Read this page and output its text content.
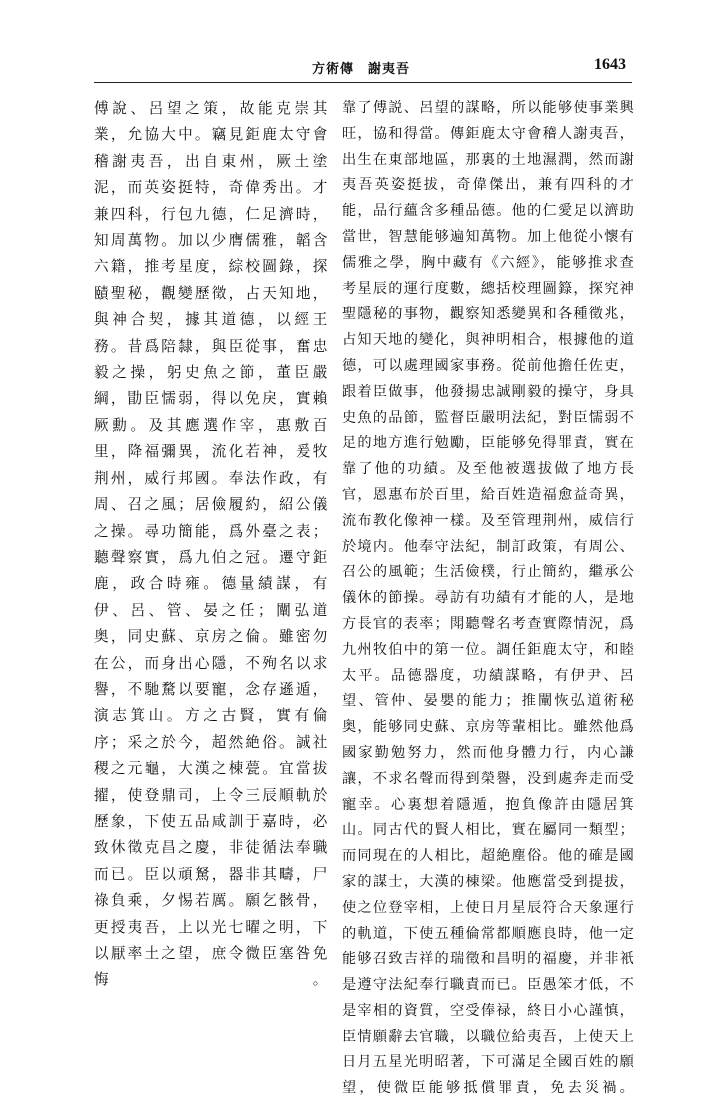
方術傳　謝夷吾	1643

傅說、呂望之策，故能克崇其
業，允協大中。竊見鉅鹿太守會
稽謝夷吾，出自東州，厥土塗
泥，而英姿挺特，奇偉秀出。才
兼四科，行包九德，仁足濟時，
知周萬物。加以少膺儒雅，韜含
六籍，推考星度，綜校圖錄，探
賾聖秘，觀變歷徵，占天知地，
與神合契，據其道德，以經王
務。昔爲陪隸，與臣從事，奮忠
毅之操，躬史魚之節，董臣嚴
綱，勖臣懦弱，得以免戾，實賴
厥勳。及其應選作宰，惠敷百
里，降福彌異，流化若神，爰牧
荆州，威行邦國。奉法作政，有
周、召之風；居儉履約，紹公儀
之操。尋功簡能，爲外臺之表；
聽聲察實，爲九伯之冠。遷守鉅
鹿，政合時雍。德量績謀，有
伊、呂、管、晏之任；闡弘道
奥，同史蘇、京房之倫。雖密勿
在公，而身出心隱，不殉名以求
譽，不馳騖以要寵，念存遜遁，
演志箕山。方之古賢，實有倫
序；采之於今，超然絶俗。誠社
稷之元龜，大漢之棟甍。宜當拔
擢，使登鼎司，上令三辰順軌於
歷象，下使五品咸訓于嘉時，必
致休徵克昌之慶，非徒循法奉職
而已。臣以頑駑，器非其疇，尸
祿負乘，夕惕若厲。願乞骸骨，
更授夷吾，上以光七曜之明，下
以厭率土之望，庶令微臣塞咎免
悔。

靠了傅説、呂望的謀略，所以能够使事業興
旺，協和得當。傳鉅鹿太守會稽人謝夷吾，
出生在東部地區，那裏的土地濕潤，然而謝
夷吾英姿挺拔，奇偉傑出，兼有四科的才
能，品行蘊含多種品德。他的仁愛足以濟助
當世，智慧能够遍知萬物。加上他從小懷有
儒雅之學，胸中藏有《六經》，能够推求查
考星辰的運行度數，總括校理圖籙，探究神
聖隱秘的事物，觀察知悉變異和各種徵兆，
占知天地的變化，與神明相合，根據他的道
德，可以處理國家事務。從前他擔任佐吏，
跟着臣做事，他發揚忠誠剛毅的操守，身具
史魚的品節，監督臣嚴明法紀，對臣懦弱不
足的地方進行勉勵，臣能够免得罪責，實在
靠了他的功績。及至他被選拔做了地方長
官，恩惠布於百里，給百姓造福愈益奇異，
流布教化像神一樣。及至管理荆州，威信行
於境内。他奉守法紀，制訂政策，有周公、
召公的風範；生活儉樸，行止簡約，繼承公
儀休的節操。尋訪有功績有才能的人，是地
方長官的表率；閗聽聲名考查實際情況，爲
九州牧伯中的第一位。調任鉅鹿太守，和睦
太平。品德器度，功績謀略，有伊尹、呂
望、管仲、晏嬰的能力；推闡恢弘道術秘
奥，能够同史蘇、京房等輩相比。雖然他爲
國家勤勉努力，然而他身體力行，内心謙
讓，不求名聲而得到榮譽，没到處奔走而受
寵幸。心裏想着隱遁，抱負像許由隱居箕
山。同古代的賢人相比，實在屬同一類型；
而同現在的人相比，超絶塵俗。他的確是國
家的謀士，大漢的棟梁。他應當受到提拔，
使之位登宰相，上使日月星辰符合天象運行
的軌道，下使五種倫常都順應良時，他一定
能够召致吉祥的瑞徵和昌明的福慶，并非衹
是遵守法紀奉行職責而已。臣愚笨才低，不
是宰相的資質，空受俸禄，終日小心謹慎，
臣情願辭去官職，以職位給夷吾，上使天上
日月五星光明昭著，下可滿足全國百姓的願
望，使微臣能够抵償罪責，免去災禍。
